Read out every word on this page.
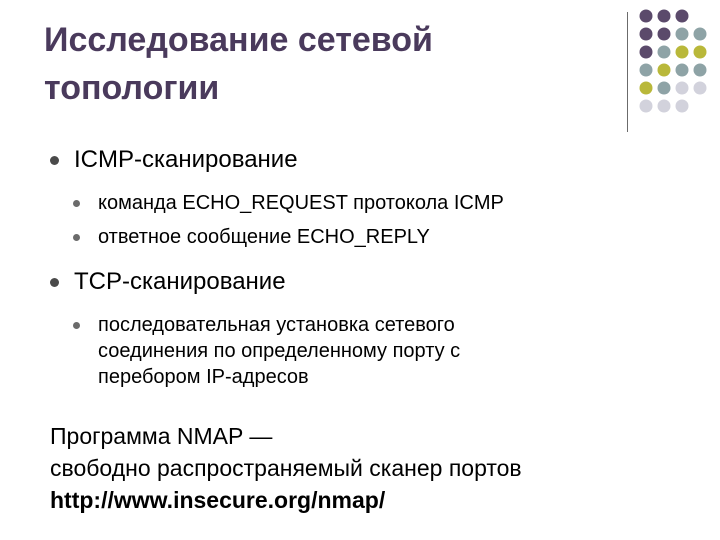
Исследование сетевой
топологии

ICMP-сканирование

команда ECHO_REQUEST протокола ICMP

ответное сообщение ECHO_REPLY

TCP-сканирование

последовательная установка сетевого
соединения по определенному порту с
перебором IP-адресов

Программа NMAP —
свободно распространяемый сканер портов
http://www.insecure.org/nmap/
